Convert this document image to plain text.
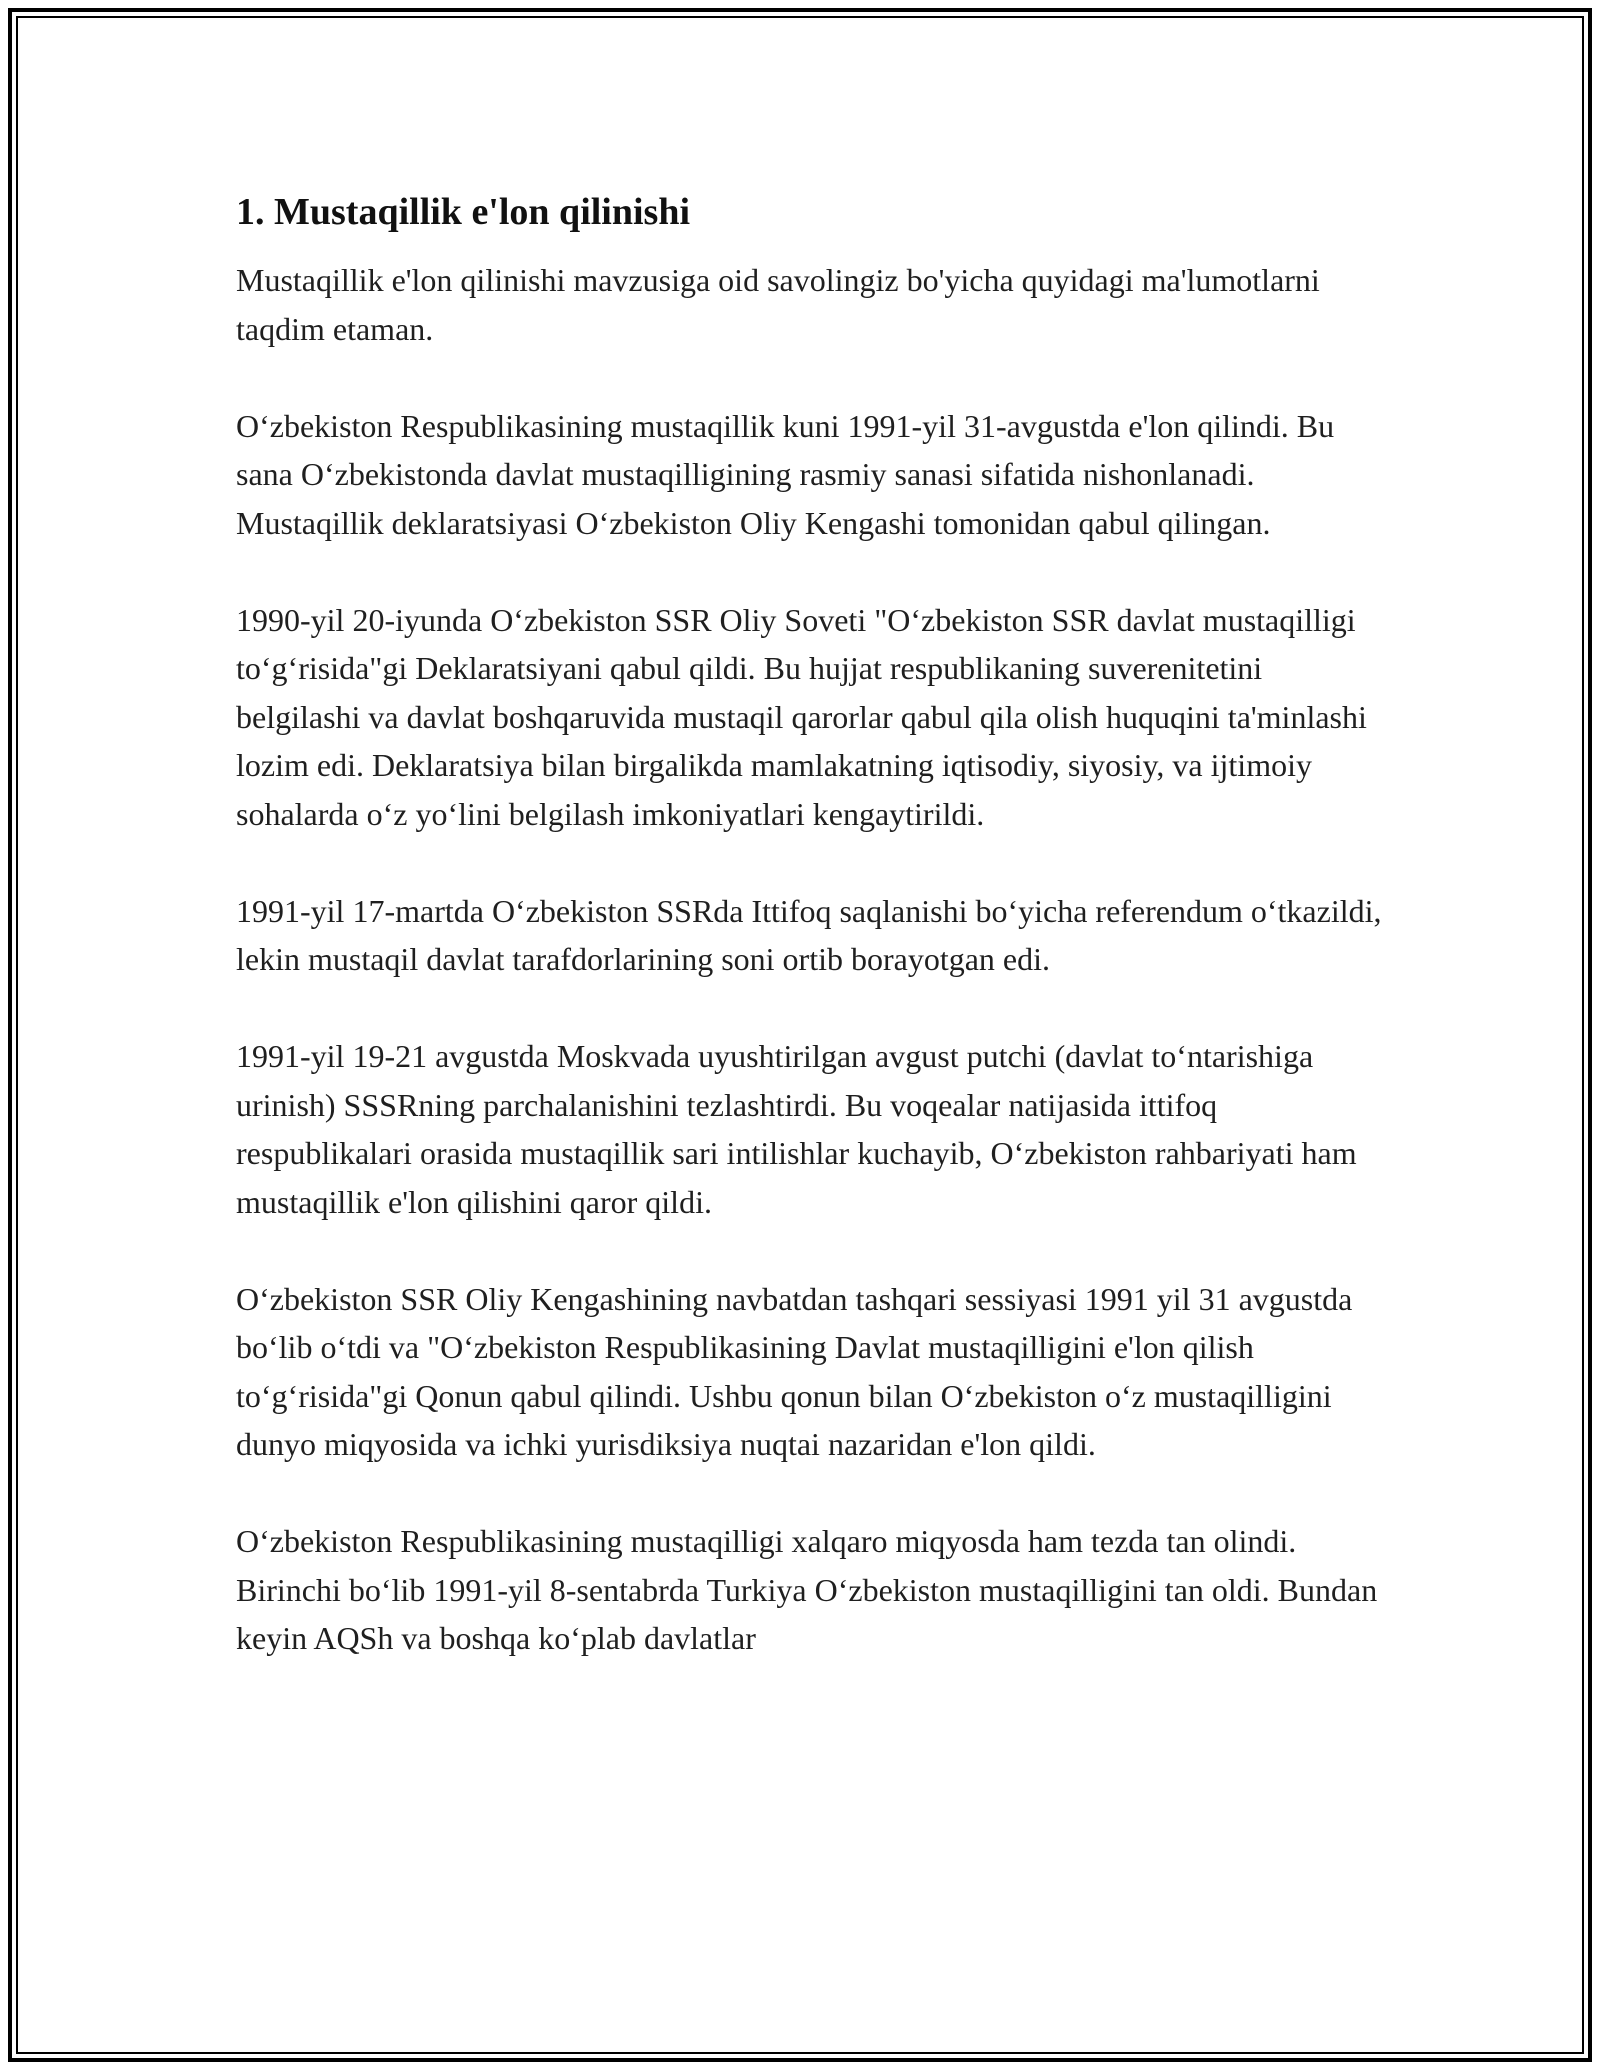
1. Mustaqillik e'lon qilinishi

Mustaqillik e'lon qilinishi mavzusiga oid savolingiz bo'yicha quyidagi ma'lumotlarni taqdim etaman.

O‘zbekiston Respublikasining mustaqillik kuni 1991-yil 31-avgustda e'lon qilindi. Bu sana O‘zbekistonda davlat mustaqilligining rasmiy sanasi sifatida nishonlanadi. Mustaqillik deklaratsiyasi O‘zbekiston Oliy Kengashi tomonidan qabul qilingan.

1990-yil 20-iyunda O‘zbekiston SSR Oliy Soveti "O‘zbekiston SSR davlat mustaqilligi to‘g‘risida"gi Deklaratsiyani qabul qildi. Bu hujjat respublikaning suverenitetini belgilashi va davlat boshqaruvida mustaqil qarorlar qabul qila olish huquqini ta'minlashi lozim edi. Deklaratsiya bilan birgalikda mamlakatning iqtisodiy, siyosiy, va ijtimoiy sohalarda o‘z yo‘lini belgilash imkoniyatlari kengaytirildi.

1991-yil 17-martda O‘zbekiston SSRda Ittifoq saqlanishi bo‘yicha referendum o‘tkazildi, lekin mustaqil davlat tarafdorlarining soni ortib borayotgan edi.

1991-yil 19-21 avgustda Moskvada uyushtirilgan avgust putchi (davlat to‘ntarishiga urinish) SSSRning parchalanishini tezlashtirdi. Bu voqealar natijasida ittifoq respublikalari orasida mustaqillik sari intilishlar kuchayib, O‘zbekiston rahbariyati ham mustaqillik e'lon qilishini qaror qildi.

O‘zbekiston SSR Oliy Kengashining navbatdan tashqari sessiyasi 1991 yil 31 avgustda bo‘lib o‘tdi va "O‘zbekiston Respublikasining Davlat mustaqilligini e'lon qilish to‘g‘risida"gi Qonun qabul qilindi. Ushbu qonun bilan O‘zbekiston o‘z mustaqilligini dunyo miqyosida va ichki yurisdiksiya nuqtai nazaridan e'lon qildi.

O‘zbekiston Respublikasining mustaqilligi xalqaro miqyosda ham tezda tan olindi. Birinchi bo‘lib 1991-yil 8-sentabrda Turkiya O‘zbekiston mustaqilligini tan oldi. Bundan keyin AQSh va boshqa ko‘plab davlatlar
